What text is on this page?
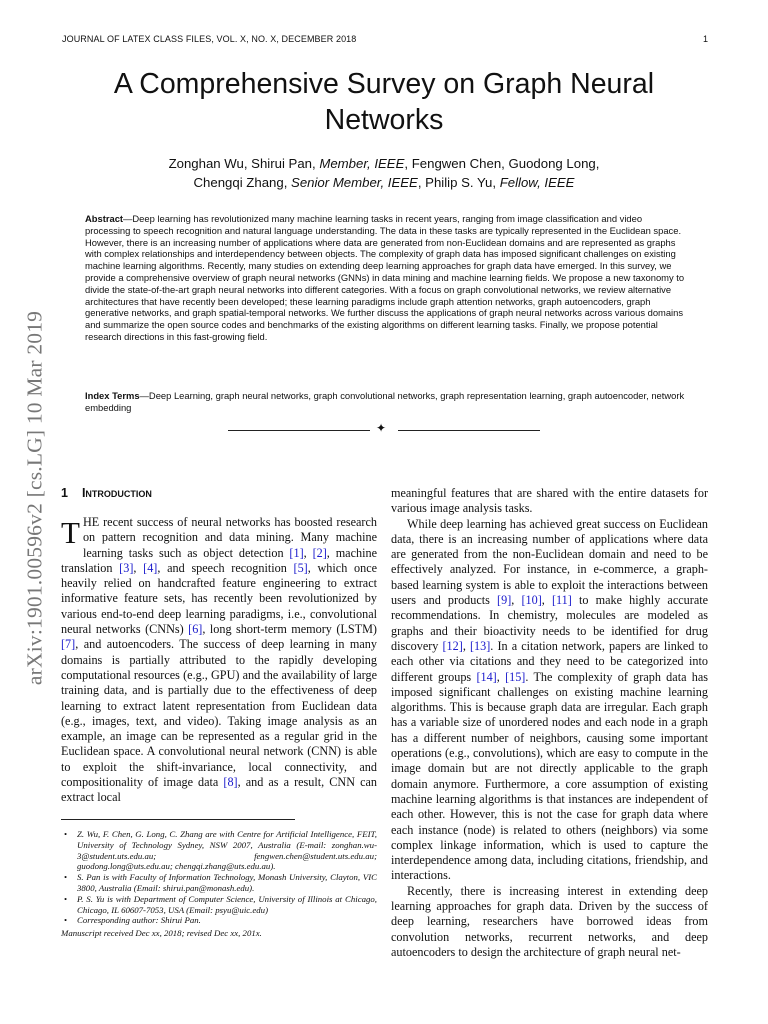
JOURNAL OF LATEX CLASS FILES, VOL. X, NO. X, DECEMBER 2018	1
A Comprehensive Survey on Graph Neural Networks
Zonghan Wu, Shirui Pan, Member, IEEE, Fengwen Chen, Guodong Long,
Chengqi Zhang, Senior Member, IEEE, Philip S. Yu, Fellow, IEEE

Abstract—Deep learning has revolutionized many machine learning tasks in recent years, ranging from image classification and video processing to speech recognition and natural language understanding. The data in these tasks are typically represented in the Euclidean space. However, there is an increasing number of applications where data are generated from non-Euclidean domains and are represented as graphs with complex relationships and interdependency between objects. The complexity of graph data has imposed significant challenges on existing machine learning algorithms. Recently, many studies on extending deep learning approaches for graph data have emerged. In this survey, we provide a comprehensive overview of graph neural networks (GNNs) in data mining and machine learning fields. We propose a new taxonomy to divide the state-of-the-art graph neural networks into different categories. With a focus on graph convolutional networks, we review alternative architectures that have recently been developed; these learning paradigms include graph attention networks, graph autoencoders, graph generative networks, and graph spatial-temporal networks. We further discuss the applications of graph neural networks across various domains and summarize the open source codes and benchmarks of the existing algorithms on different learning tasks. Finally, we propose potential research directions in this fast-growing field.

Index Terms—Deep Learning, graph neural networks, graph convolutional networks, graph representation learning, graph autoencoder, network embedding

✦
arXiv:1901.00596v2 [cs.LG] 10 Mar 2019 1 Introduction

THE recent success of neural networks has boosted research on pattern recognition and data mining. Many machine learning tasks such as object detection [1], [2], machine translation [3], [4], and speech recognition [5], which once heavily relied on handcrafted feature engineering to extract informative feature sets, has recently been revolutionized by various end-to-end deep learning paradigms, i.e., convolutional neural networks (CNNs) [6], long short-term memory (LSTM) [7], and autoencoders. The success of deep learning in many domains is partially attributed to the rapidly developing computational resources (e.g., GPU) and the availability of large training data, and is partially due to the effectiveness of deep learning to extract latent representation from Euclidean data (e.g., images, text, and video). Taking image analysis as an example, an image can be represented as a regular grid in the Euclidean space. A convolutional neural network (CNN) is able to exploit the shift-invariance, local connectivity, and compositionality of image data [8], and as a result, CNN can extract local

• Z. Wu, F. Chen, G. Long, C. Zhang are with Centre for Artificial Intelligence, FEIT, University of Technology Sydney, NSW 2007, Australia (E-mail: zonghan.wu-3@student.uts.edu.au; fengwen.chen@student.uts.edu.au; guodong.long@uts.edu.au; chengqi.zhang@uts.edu.au).
• S. Pan is with Faculty of Information Technology, Monash University, Clayton, VIC 3800, Australia (Email: shirui.pan@monash.edu).
• P. S. Yu is with Department of Computer Science, University of Illinois at Chicago, Chicago, IL 60607-7053, USA (Email: psyu@uic.edu)
• Corresponding author: Shirui Pan.
Manuscript received Dec xx, 2018; revised Dec xx, 201x.

meaningful features that are shared with the entire datasets for various image analysis tasks.

While deep learning has achieved great success on Euclidean data, there is an increasing number of applications where data are generated from the non-Euclidean domain and need to be effectively analyzed. For instance, in e-commerce, a graph-based learning system is able to exploit the interactions between users and products [9], [10], [11] to make highly accurate recommendations. In chemistry, molecules are modeled as graphs and their bioactivity needs to be identified for drug discovery [12], [13]. In a citation network, papers are linked to each other via citations and they need to be categorized into different groups [14], [15]. The complexity of graph data has imposed significant challenges on existing machine learning algorithms. This is because graph data are irregular. Each graph has a variable size of unordered nodes and each node in a graph has a different number of neighbors, causing some important operations (e.g., convolutions), which are easy to compute in the image domain but are not directly applicable to the graph domain anymore. Furthermore, a core assumption of existing machine learning algorithms is that instances are independent of each other. However, this is not the case for graph data where each instance (node) is related to others (neighbors) via some complex linkage information, which is used to capture the interdependence among data, including citations, friendship, and interactions.

Recently, there is increasing interest in extending deep learning approaches for graph data. Driven by the success of deep learning, researchers have borrowed ideas from convolution networks, recurrent networks, and deep autoencoders to design the architecture of graph neural net-
